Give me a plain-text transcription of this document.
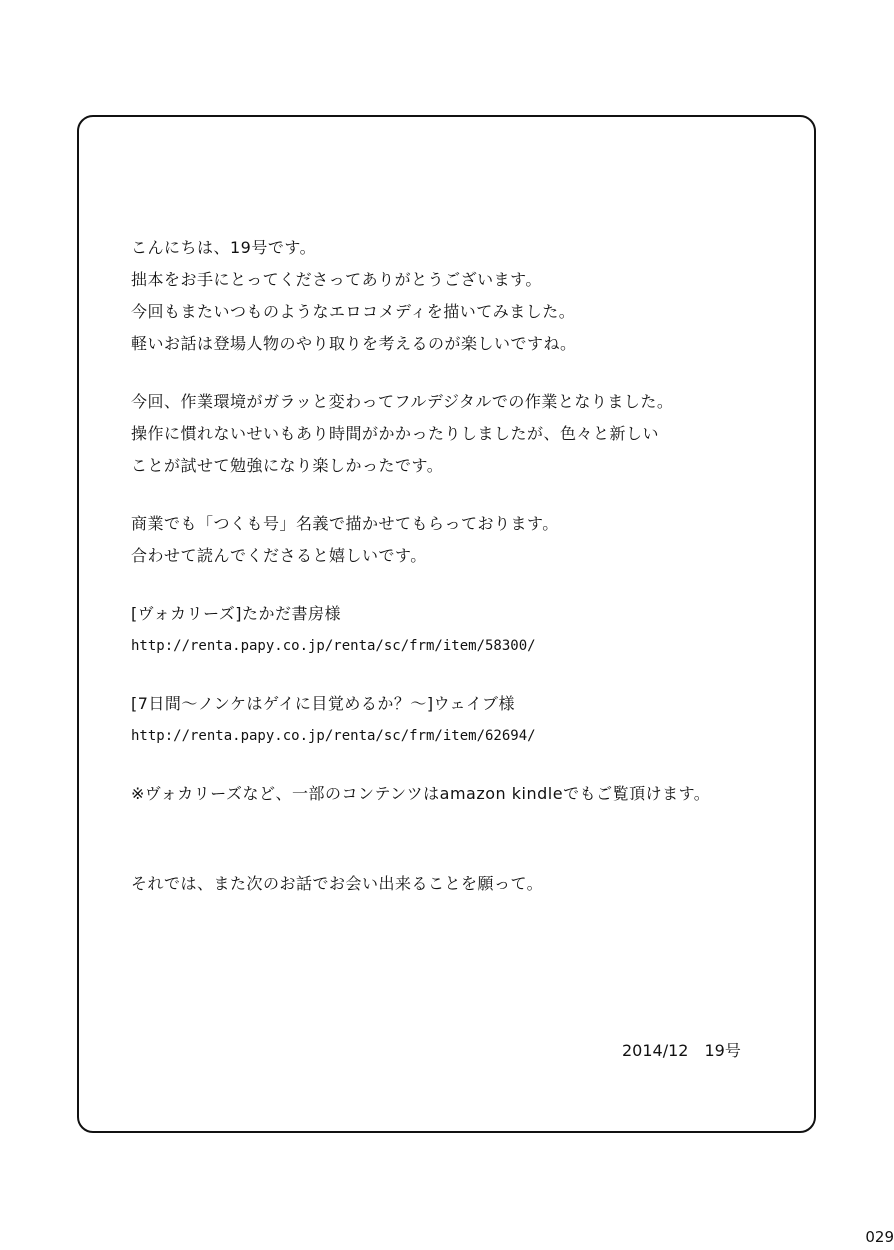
こんにちは、19号です。
拙本をお手にとってくださってありがとうございます。
今回もまたいつものようなエロコメディを描いてみました。
軽いお話は登場人物のやり取りを考えるのが楽しいですね。
今回、作業環境がガラッと変わってフルデジタルでの作業となりました。
操作に慣れないせいもあり時間がかかったりしましたが、色々と新しい
ことが試せて勉強になり楽しかったです。
商業でも「つくも号」名義で描かせてもらっております。
合わせて読んでくださると嬉しいです。
[ヴォカリーズ]たかだ書房様
http://renta.papy.co.jp/renta/sc/frm/item/58300/
[7日間～ノンケはゲイに目覚めるか？～]ウェイブ様
http://renta.papy.co.jp/renta/sc/frm/item/62694/
※ヴォカリーズなど、一部のコンテンツはamazon kindleでもご覧頂けます。
それでは、また次のお話でお会い出来ることを願って。
2014/12　19号
029
